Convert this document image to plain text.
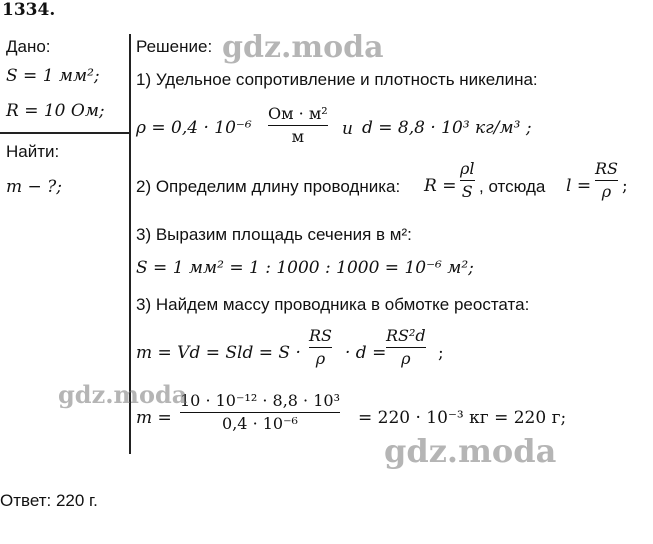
1334.
Дано:
S = 1 мм²;
R = 10 Ом;
Найти:
m − ?;
Решение:
1) Удельное сопротивление и плотность никелина:
ρ = 0,4 · 10⁻⁶
Ом · м²
м и d = 8,8 · 10³ кг/м³ ;
2) Определим длину проводника: R =
ρl
S , отсюда l =
RS
ρ ;
3) Выразим площадь сечения в м²:
S = 1 мм² = 1 : 1000 : 1000 = 10⁻⁶ м²;
3) Найдем массу проводника в обмотке реостата:
m = Vd = Sld = S ·
RS
ρ · d =
RS²d
ρ ;
m =
10 · 10⁻¹² · 8,8 · 10³
0,4 · 10⁻⁶	= 220 · 10⁻³ кг = 220 г;
Ответ: 220 г.
gdz.moda
gdz.moda
gdz.moda
